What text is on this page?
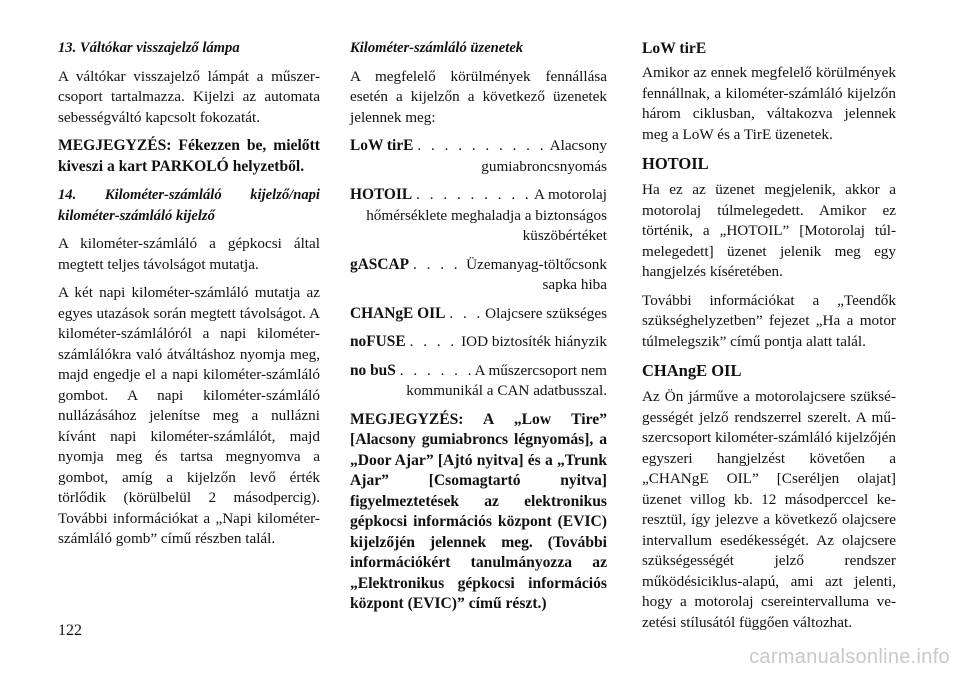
13. Váltókar visszajelző lámpa

A váltókar visszajelző lámpát a műszercsoport tartalmazza. Kijelzi az automata sebességváltó kapcsolt fokozatát.

MEGJEGYZÉS: Fékezzen be, mielőtt kiveszi a kart PARKOLÓ helyzetből.

14. Kilométer-számláló kijelző/napi kilométer-számláló kijelző

A kilométer-számláló a gépkocsi által megtett teljes távolságot mutatja.

A két napi kilométer-számláló mutatja az egyes utazások során megtett távolságot. A kilométer-számlálóról a napi kilométer-számlálókra való átváltáshoz nyomja meg, majd engedje el a napi kilométer-számláló gombot. A napi kilométer-számláló nullázásához jelenítse meg a nullázni kívánt napi kilométer-számlálót, majd nyomja meg és tartsa megnyomva a gombot, amíg a kijelzőn levő érték törlődik (körülbelül 2 másodpercig). További információkat a „Napi kilométer-számláló gomb” című részben talál.

Kilométer-számláló üzenetek

A megfelelő körülmények fennállása esetén a kijelzőn a következő üzenetek jelennek meg:

LoW tirE . . .	Alacsony
gumiabroncsnyomás
HOTOIL . . .	A motorolaj
hőmérséklete meghaladja a biztonságos küszöbértéket
gASCAP . . .	Üzemanyag-töltőcsonk
sapka hiba
CHANgE OIL . . .	Olajcsere szükséges
noFUSE . . .	IOD biztosíték hiányzik
no buS . . .	A műszercsoport nem
kommunikál a CAN adatbusszal.

MEGJEGYZÉS: A „Low Tire” [Alacsony gumiabroncs légnyomás], a „Door Ajar” [Ajtó nyitva] és a „Trunk Ajar” [Csomagtartó nyitva] figyelmeztetések az elektronikus gépkocsi információs központ (EVIC) kijelzőjén jelennek meg. (További információkért tanulmányozza az „Elektronikus gépkocsi információs központ (EVIC)” című részt.)

LoW tirE

Amikor az ennek megfelelő körülmények fennállnak, a kilométer-számláló kijelzőn három ciklusban, váltakozva jelennek meg a LoW és a TirE üzenetek.

HOTOIL

Ha ez az üzenet megjelenik, akkor a motorolaj túlmelegedett. Amikor ez történik, a „HOTOIL” [Motorolaj túlmelegedett] üzenet jelenik meg egy hangjelzés kíséretében.

További információkat a „Teendők szükséghelyzetben” fejezet „Ha a motor túlmelegszik” című pontja alatt talál.

CHAngE OIL

Az Ön járműve a motorolajcsere szükségességét jelző rendszerrel szerelt. A műszercsoport kilométer-számláló kijelzőjén egyszeri hangjelzést követően a „CHANgE OIL” [Cseréljen olajat] üzenet villog kb. 12 másodperccel keresztül, így jelezve a következő olajcsere intervallum esedékességét. Az olajcsere szükségességét jelző rendszer működésiciklus-alapú, ami azt jelenti, hogy a motorolaj csereintervalluma vezetési stílusától függően változhat.

122
carmanualsonline.info
